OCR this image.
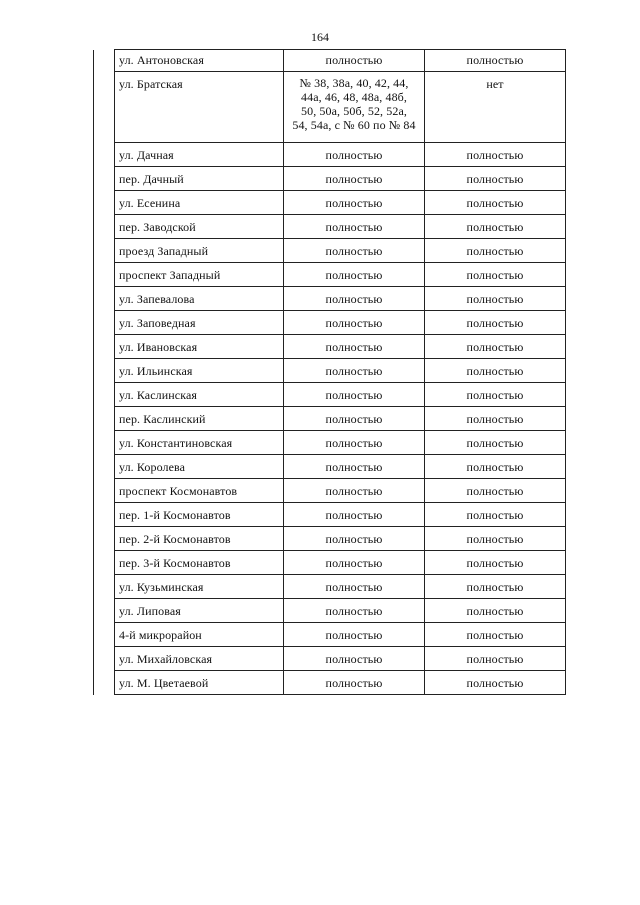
164
	ул. Антоновская	полностью	полностью
	ул. Братская	№ 38, 38а, 40, 42, 44,
44а, 46, 48, 48а, 48б,
50, 50а, 50б, 52, 52а,
54, 54а, с № 60 по № 84	нет
	ул. Дачная	полностью	полностью
	пер. Дачный	полностью	полностью
	ул. Есенина	полностью	полностью
	пер. Заводской	полностью	полностью
	проезд Западный	полностью	полностью
	проспект Западный	полностью	полностью
	ул. Запевалова	полностью	полностью
	ул. Заповедная	полностью	полностью
	ул. Ивановская	полностью	полностью
	ул. Ильинская	полностью	полностью
	ул. Каслинская	полностью	полностью
	пер. Каслинский	полностью	полностью
	ул. Константиновская	полностью	полностью
	ул. Королева	полностью	полностью
	проспект Космонавтов	полностью	полностью
	пер. 1-й Космонавтов	полностью	полностью
	пер. 2-й Космонавтов	полностью	полностью
	пер. 3-й Космонавтов	полностью	полностью
	ул. Кузьминская	полностью	полностью
	ул. Липовая	полностью	полностью
	4-й микрорайон	полностью	полностью
	ул. Михайловская	полностью	полностью
	ул. М. Цветаевой	полностью	полностью
